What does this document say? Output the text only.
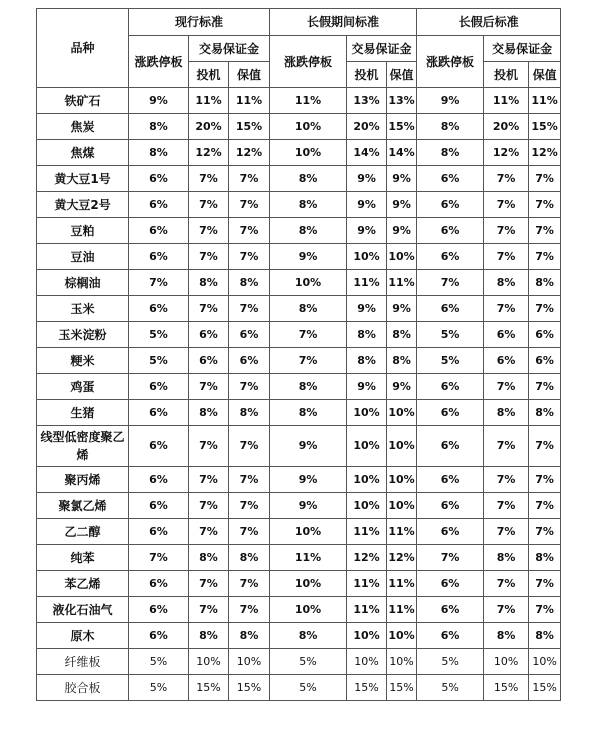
品种	现行标准			长假期间标准			长假后标准		
	涨跌停板	交易保证金		涨跌停板	交易保证金		涨跌停板	交易保证金	
		投机	保值		投机	保值		投机	保值
铁矿石	9%	11%	11%	11%	13%	13%	9%	11%	11%
焦炭	8%	20%	15%	10%	20%	15%	8%	20%	15%
焦煤	8%	12%	12%	10%	14%	14%	8%	12%	12%
黄大豆1号	6%	7%	7%	8%	9%	9%	6%	7%	7%
黄大豆2号	6%	7%	7%	8%	9%	9%	6%	7%	7%
豆粕	6%	7%	7%	8%	9%	9%	6%	7%	7%
豆油	6%	7%	7%	9%	10%	10%	6%	7%	7%
棕榈油	7%	8%	8%	10%	11%	11%	7%	8%	8%
玉米	6%	7%	7%	8%	9%	9%	6%	7%	7%
玉米淀粉	5%	6%	6%	7%	8%	8%	5%	6%	6%
粳米	5%	6%	6%	7%	8%	8%	5%	6%	6%
鸡蛋	6%	7%	7%	8%	9%	9%	6%	7%	7%
生猪	6%	8%	8%	8%	10%	10%	6%	8%	8%
线型低密度聚乙烯	6%	7%	7%	9%	10%	10%	6%	7%	7%
聚丙烯	6%	7%	7%	9%	10%	10%	6%	7%	7%
聚氯乙烯	6%	7%	7%	9%	10%	10%	6%	7%	7%
乙二醇	6%	7%	7%	10%	11%	11%	6%	7%	7%
纯苯	7%	8%	8%	11%	12%	12%	7%	8%	8%
苯乙烯	6%	7%	7%	10%	11%	11%	6%	7%	7%
液化石油气	6%	7%	7%	10%	11%	11%	6%	7%	7%
原木	6%	8%	8%	8%	10%	10%	6%	8%	8%
纤维板	5%	10%	10%	5%	10%	10%	5%	10%	10%
胶合板	5%	15%	15%	5%	15%	15%	5%	15%	15%
